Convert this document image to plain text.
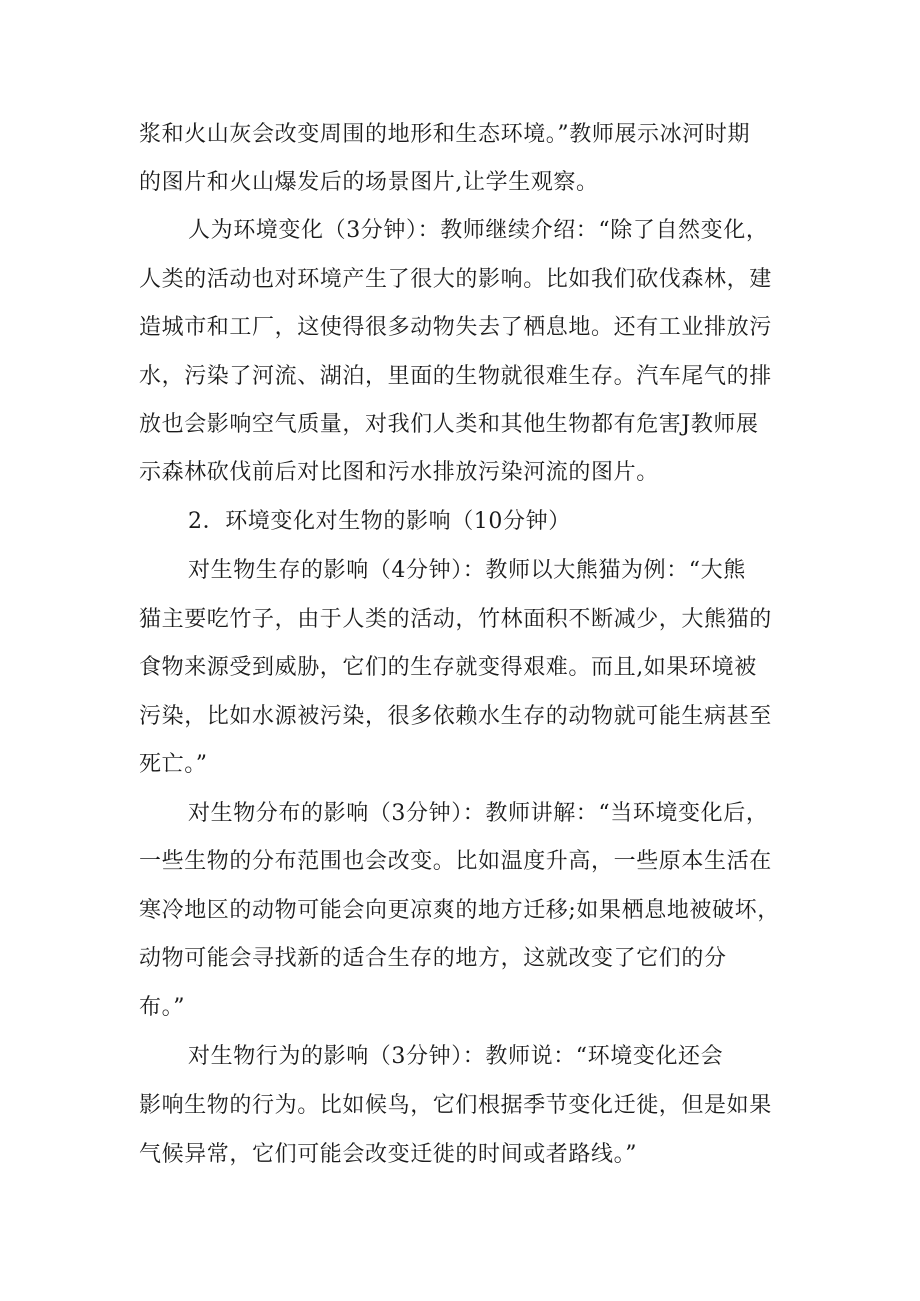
浆和火山灰会改变周围的地形和生态环境。”教师展示冰河时期
的图片和火山爆发后的场景图片,让学生观察。
人为环境变化（3分钟）：教师继续介绍：“除了自然变化，
人类的活动也对环境产生了很大的影响。比如我们砍伐森林，建
造城市和工厂，这使得很多动物失去了栖息地。还有工业排放污
水，污染了河流、湖泊，里面的生物就很难生存。汽车尾气的排
放也会影响空气质量，对我们人类和其他生物都有危害J教师展
示森林砍伐前后对比图和污水排放污染河流的图片。
2．环境变化对生物的影响（10分钟）
对生物生存的影响（4分钟）：教师以大熊猫为例：“大熊
猫主要吃竹子，由于人类的活动，竹林面积不断减少，大熊猫的
食物来源受到威胁，它们的生存就变得艰难。而且,如果环境被
污染，比如水源被污染，很多依赖水生存的动物就可能生病甚至
死亡。”
对生物分布的影响（3分钟）：教师讲解：“当环境变化后，
一些生物的分布范围也会改变。比如温度升高，一些原本生活在
寒冷地区的动物可能会向更凉爽的地方迁移;如果栖息地被破坏，
动物可能会寻找新的适合生存的地方，这就改变了它们的分
布。”
对生物行为的影响（3分钟）：教师说：“环境变化还会
影响生物的行为。比如候鸟，它们根据季节变化迁徙，但是如果
气候异常，它们可能会改变迁徙的时间或者路线。”
